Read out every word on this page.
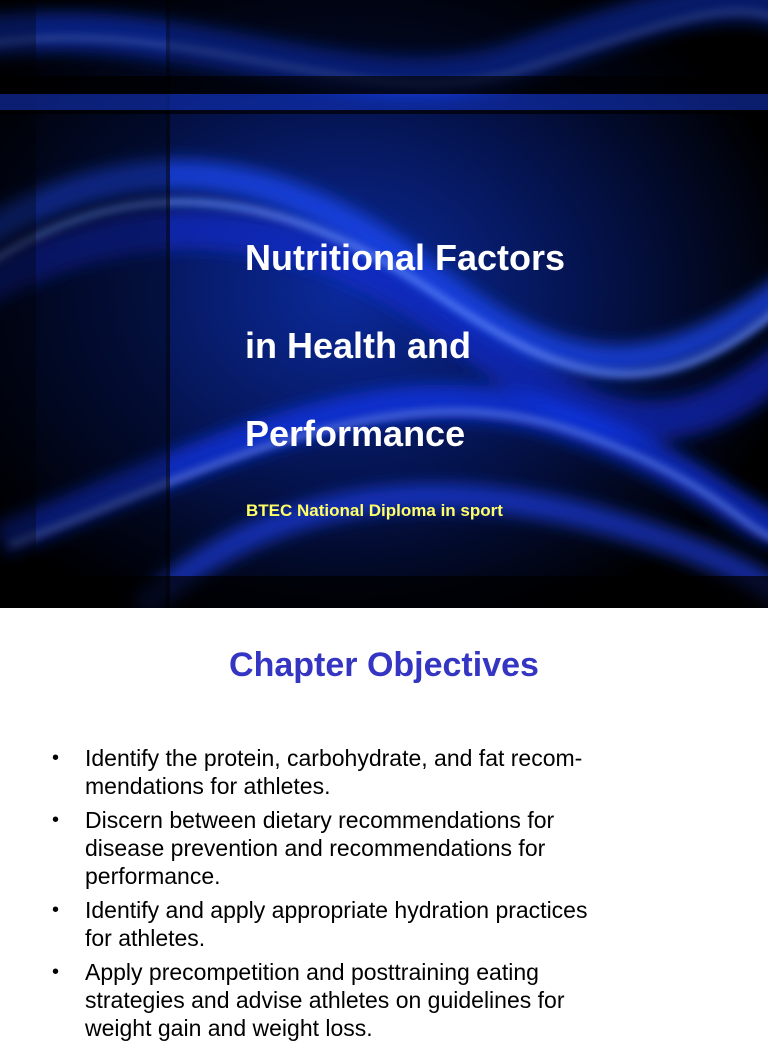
Nutritional Factors

in Health and

Performance

BTEC National Diploma in sport

Chapter Objectives
• Identify the protein, carbohydrate, and fat recom-
mendations for athletes.
• Discern between dietary recommendations for
disease prevention and recommendations for
performance.
• Identify and apply appropriate hydration practices
for athletes.
• Apply precompetition and posttraining eating
strategies and advise athletes on guidelines for
weight gain and weight loss.
